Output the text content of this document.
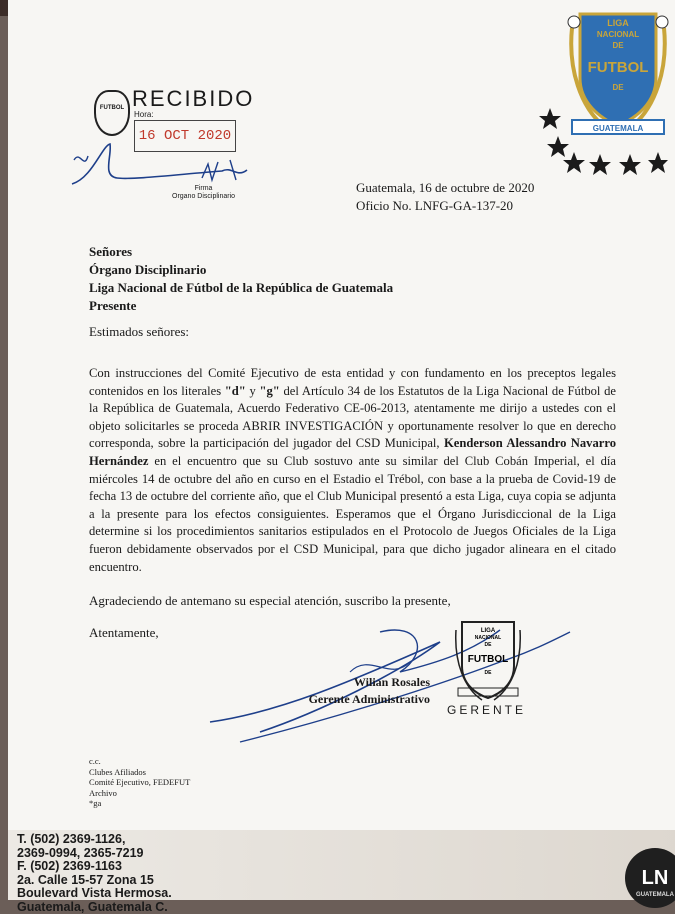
LN
GUATEMALA
FUTBOL RECIBIDO
Hora:
16 OCT 2020
Firma
Organo Disciplinario
LIGA
NACIONAL
DE
FUTBOL
DE
GUATEMALA
Guatemala, 16 de octubre de 2020
Oficio No. LNFG-GA-137-20
Señores
Órgano Disciplinario
Liga Nacional de Fútbol de la República de Guatemala
Presente
Estimados señores:
Con instrucciones del Comité Ejecutivo de esta entidad y con fundamento en los preceptos legales contenidos en los literales "d" y "g" del Artículo 34 de los Estatutos de la Liga Nacional de Fútbol de la República de Guatemala, Acuerdo Federativo CE-06-2013, atentamente me dirijo a ustedes con el objeto solicitarles se proceda ABRIR INVESTIGACIÓN y oportunamente resolver lo que en derecho corresponda, sobre la participación del jugador del CSD Municipal, Kenderson Alessandro Navarro Hernández en el encuentro que su Club sostuvo ante su similar del Club Cobán Imperial, el día miércoles 14 de octubre del año en curso en el Estadio el Trébol, con base a la prueba de Covid-19 de fecha 13 de octubre del corriente año, que el Club Municipal presentó a esta Liga, cuya copia se adjunta a la presente para los efectos consiguientes. Esperamos que el Órgano Jurisdiccional de la Liga determine si los procedimientos sanitarios estipulados en el Protocolo de Juegos Oficiales de la Liga fueron debidamente observados por el CSD Municipal, para que dicho jugador alineara en el citado encuentro.
Agradeciendo de antemano su especial atención, suscribo la presente,
Atentamente,
Wilian Rosales
Gerente Administrativo
LIGA
NACIONAL
DE
FUTBOL
DE
GERENTE
c.c.
Clubes Afiliados
Comité Ejecutivo, FEDEFUT
Archivo
*ga
T. (502) 2369-1126,
2369-0994, 2365-7219
F. (502) 2369-1163
2a. Calle 15-57 Zona 15
Boulevard Vista Hermosa.
Guatemala, Guatemala C.
